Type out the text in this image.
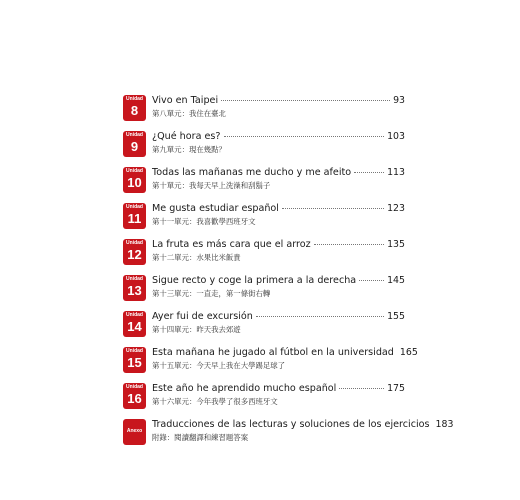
Unidad
8
Vivo en Taipei	93
第八單元：我住在臺北
Unidad
9
¿Qué hora es?	103
第九單元：現在幾點？
Unidad
10
Todas las mañanas me ducho y me afeito	113
第十單元：我每天早上洗澡和刮鬍子
Unidad
11
Me gusta estudiar español	123
第十一單元：我喜歡學西班牙文
Unidad
12
La fruta es más cara que el arroz	135
第十二單元：水果比米飯貴
Unidad
13
Sigue recto y coge la primera a la derecha	145
第十三單元：一直走，第一條街右轉
Unidad
14
Ayer fui de excursión	155
第十四單元：昨天我去郊遊
Unidad
15
Esta mañana he jugado al fútbol en la universidad 165
第十五單元：今天早上我在大學踢足球了
Unidad
16
Este año he aprendido mucho español	175
第十六單元：今年我學了很多西班牙文
Anexo
Traducciones de las lecturas y soluciones de los ejercicios 183
附錄：閱讀翻譯和練習題答案
